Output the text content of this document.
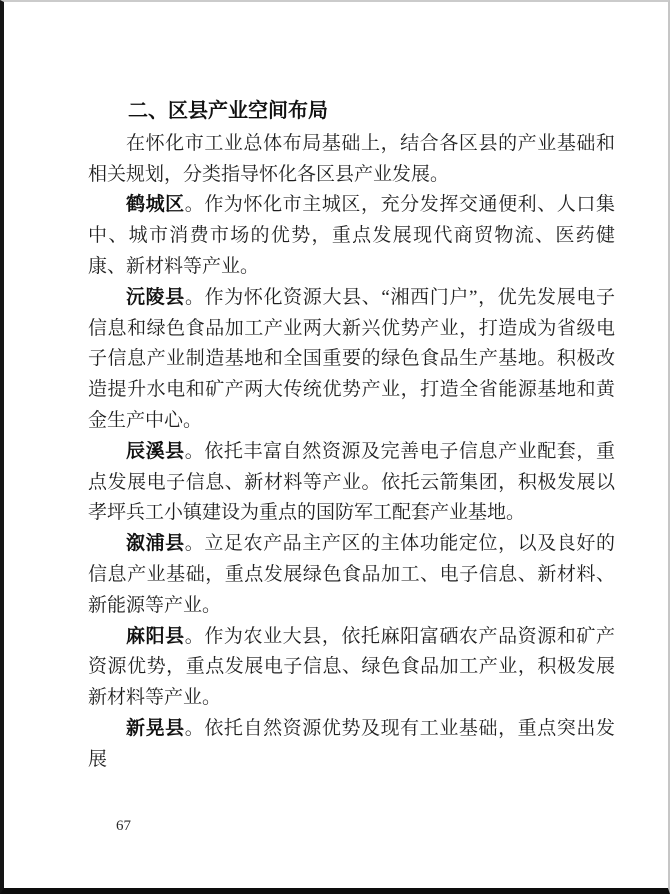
二、区县产业空间布局

在怀化市工业总体布局基础上，结合各区县的产业基础和相关规划，分类指导怀化各区县产业发展。

鹤城区。作为怀化市主城区，充分发挥交通便利、人口集中、城市消费市场的优势，重点发展现代商贸物流、医药健康、新材料等产业。

沅陵县。作为怀化资源大县、“湘西门户”，优先发展电子信息和绿色食品加工产业两大新兴优势产业，打造成为省级电子信息产业制造基地和全国重要的绿色食品生产基地。积极改造提升水电和矿产两大传统优势产业，打造全省能源基地和黄金生产中心。

辰溪县。依托丰富自然资源及完善电子信息产业配套，重点发展电子信息、新材料等产业。依托云箭集团，积极发展以孝坪兵工小镇建设为重点的国防军工配套产业基地。

溆浦县。立足农产品主产区的主体功能定位，以及良好的信息产业基础，重点发展绿色食品加工、电子信息、新材料、新能源等产业。

麻阳县。作为农业大县，依托麻阳富硒农产品资源和矿产资源优势，重点发展电子信息、绿色食品加工产业，积极发展新材料等产业。

新晃县。依托自然资源优势及现有工业基础，重点突出发展

67
